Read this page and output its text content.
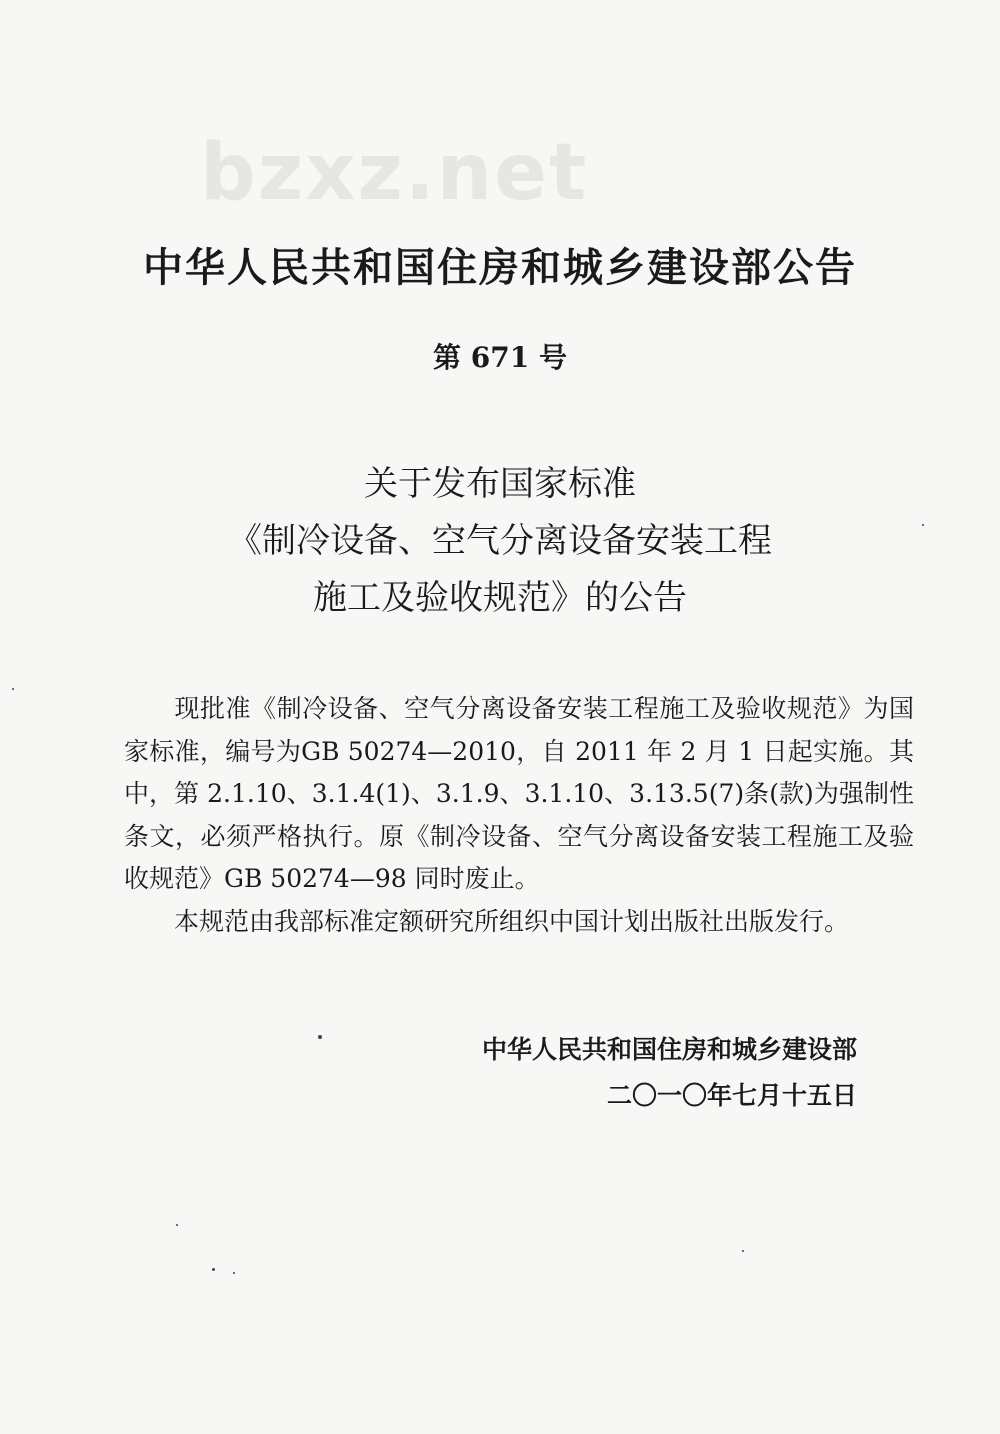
bzxz.net
中华人民共和国住房和城乡建设部公告
第 671 号
关于发布国家标准
《制冷设备、空气分离设备安装工程
施工及验收规范》的公告

现批准《制冷设备、空气分离设备安装工程施工及验收规范》为国家标准，编号为GB 50274—2010，自 2011 年 2 月 1 日起实施。其中，第 2.1.10、3.1.4(1)、3.1.9、3.1.10、3.13.5(7)条(款)为强制性条文，必须严格执行。原《制冷设备、空气分离设备安装工程施工及验收规范》GB 50274—98 同时废止。

本规范由我部标准定额研究所组织中国计划出版社出版发行。

中华人民共和国住房和城乡建设部
二〇一〇年七月十五日
